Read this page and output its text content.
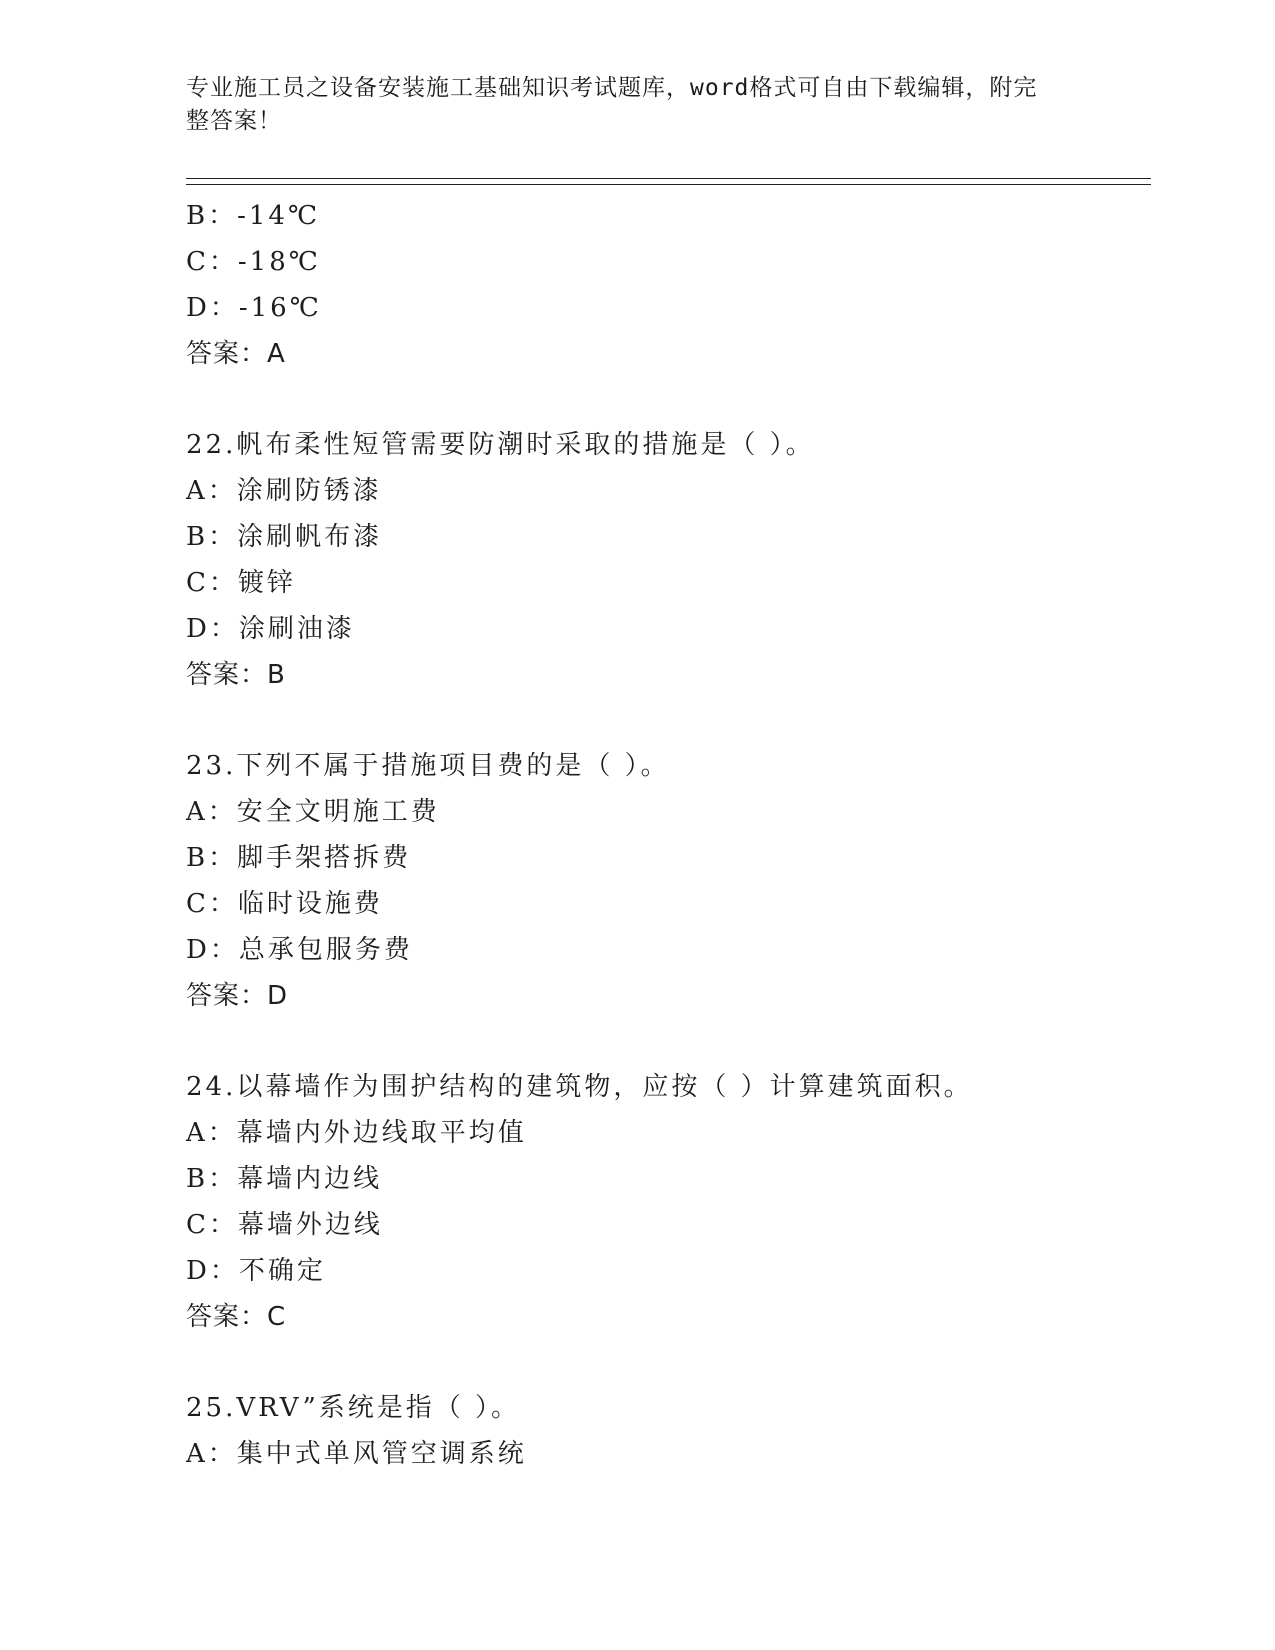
专业施工员之设备安装施工基础知识考试题库，word格式可自由下载编辑，附完
整答案！
B：-14℃
C：-18℃
D：-16℃
答案：A
22.帆布柔性短管需要防潮时采取的措施是（ ）。
A：涂刷防锈漆
B：涂刷帆布漆
C：镀锌
D：涂刷油漆
答案：B
23.下列不属于措施项目费的是（ ）。
A：安全文明施工费
B：脚手架搭拆费
C：临时设施费
D：总承包服务费
答案：D
24.以幕墙作为围护结构的建筑物，应按（ ）计算建筑面积。
A：幕墙内外边线取平均值
B：幕墙内边线
C：幕墙外边线
D：不确定
答案：C
25.VRV”系统是指（ ）。
A：集中式单风管空调系统
